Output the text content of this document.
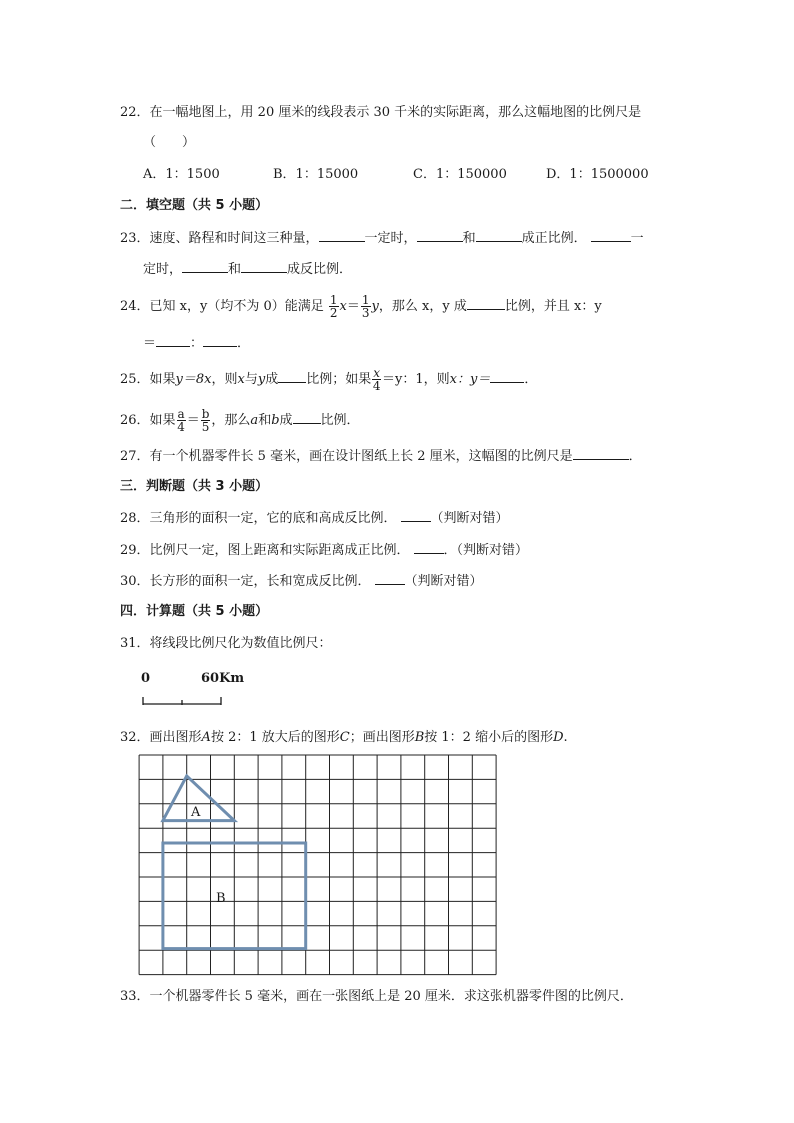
22．在一幅地图上，用 20 厘米的线段表示 30 千米的实际距离，那么这幅地图的比例尺是
（　　）
A．1：1500	B．1：15000	C．1：150000	D．1：1500000
二．填空题（共 5 小题）
23．速度、路程和时间这三种量，	一定时，	和	成正比例．	一
定时，	和	成反比例．
24．已知 x，y（均不为 0）能满足 $\frac{1}{2} x= \frac{1}{3}$ y，那么 x，y 成	比例，并且 x：y
＝	：	．
25．如果y＝8x，则x与y成 比例；如果 $\frac{x}{4} =y$：1，则x：y＝	．
26．如果 $\frac{a}{4} = \frac{b}{5}$ ，那么a和b成 比例．
27．有一个机器零件长 5 毫米，画在设计图纸上长 2 厘米，这幅图的比例尺是	．
三．判断题（共 3 小题）
28．三角形的面积一定，它的底和高成反比例．	（判断对错）
29．比例尺一定，图上距离和实际距离成正比例．	．（判断对错）
30．长方形的面积一定，长和宽成反比例．	（判断对错）
四．计算题（共 5 小题）
31．将线段比例尺化为数值比例尺：
0	60Km
32．画出图形A按 2：1 放大后的图形C；画出图形B按 1：2 缩小后的图形D.
A
B
33．一个机器零件长 5 毫米，画在一张图纸上是 20 厘米．求这张机器零件图的比例尺．
